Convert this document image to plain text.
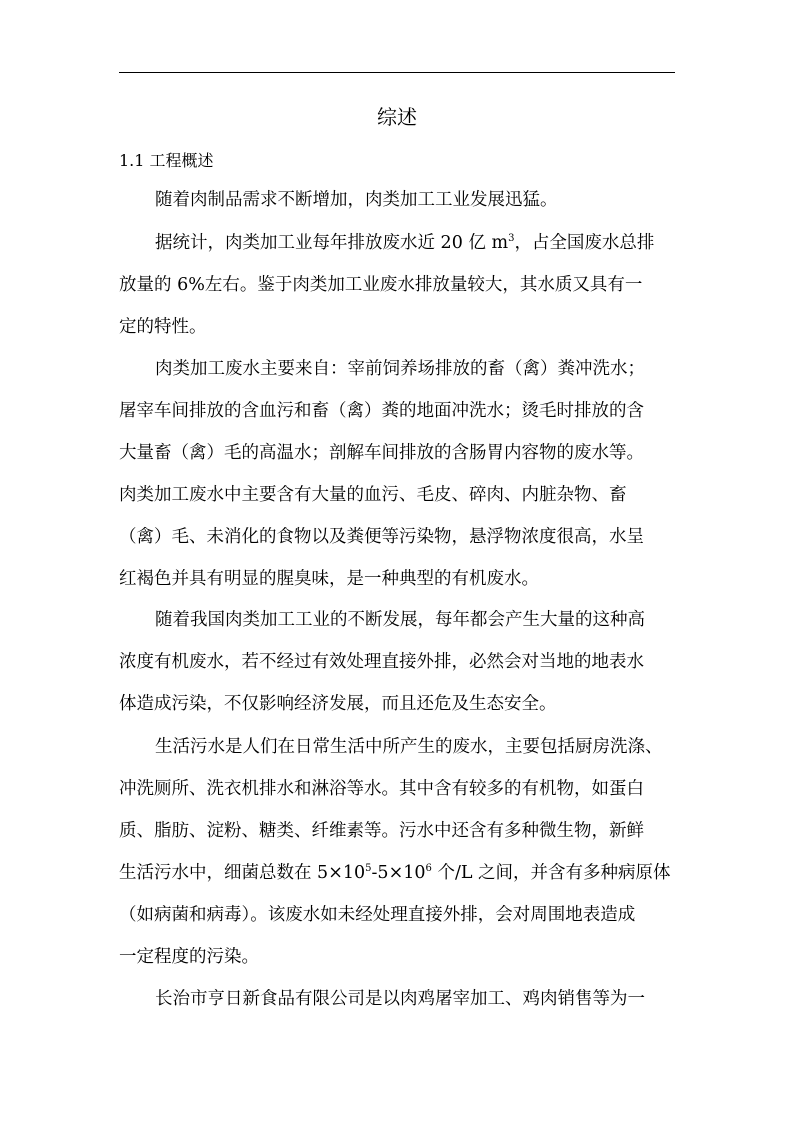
综述
1.1 工程概述
随着肉制品需求不断增加，肉类加工工业发展迅猛。
据统计，肉类加工业每年排放废水近 20 亿 $m^3$，占全国废水总排
放量的 6%左右。鉴于肉类加工业废水排放量较大，其水质又具有一
定的特性。
肉类加工废水主要来自：宰前饲养场排放的畜（禽）粪冲洗水；
屠宰车间排放的含血污和畜（禽）粪的地面冲洗水；烫毛时排放的含
大量畜（禽）毛的高温水；剖解车间排放的含肠胃内容物的废水等。
肉类加工废水中主要含有大量的血污、毛皮、碎肉、内脏杂物、畜
（禽）毛、未消化的食物以及粪便等污染物，悬浮物浓度很高，水呈
红褐色并具有明显的腥臭味，是一种典型的有机废水。
随着我国肉类加工工业的不断发展，每年都会产生大量的这种高
浓度有机废水，若不经过有效处理直接外排，必然会对当地的地表水
体造成污染，不仅影响经济发展，而且还危及生态安全。
生活污水是人们在日常生活中所产生的废水，主要包括厨房洗涤、
冲洗厕所、洗衣机排水和淋浴等水。其中含有较多的有机物，如蛋白
质、脂肪、淀粉、糖类、纤维素等。污水中还含有多种微生物，新鲜
生活污水中，细菌总数在 $5\times 10^5-5\times 10^6$ 个/L 之间，并含有多种病原体
（如病菌和病毒）。该废水如未经处理直接外排，会对周围地表造成
一定程度的污染。
长治市亨日新食品有限公司是以肉鸡屠宰加工、鸡肉销售等为一
